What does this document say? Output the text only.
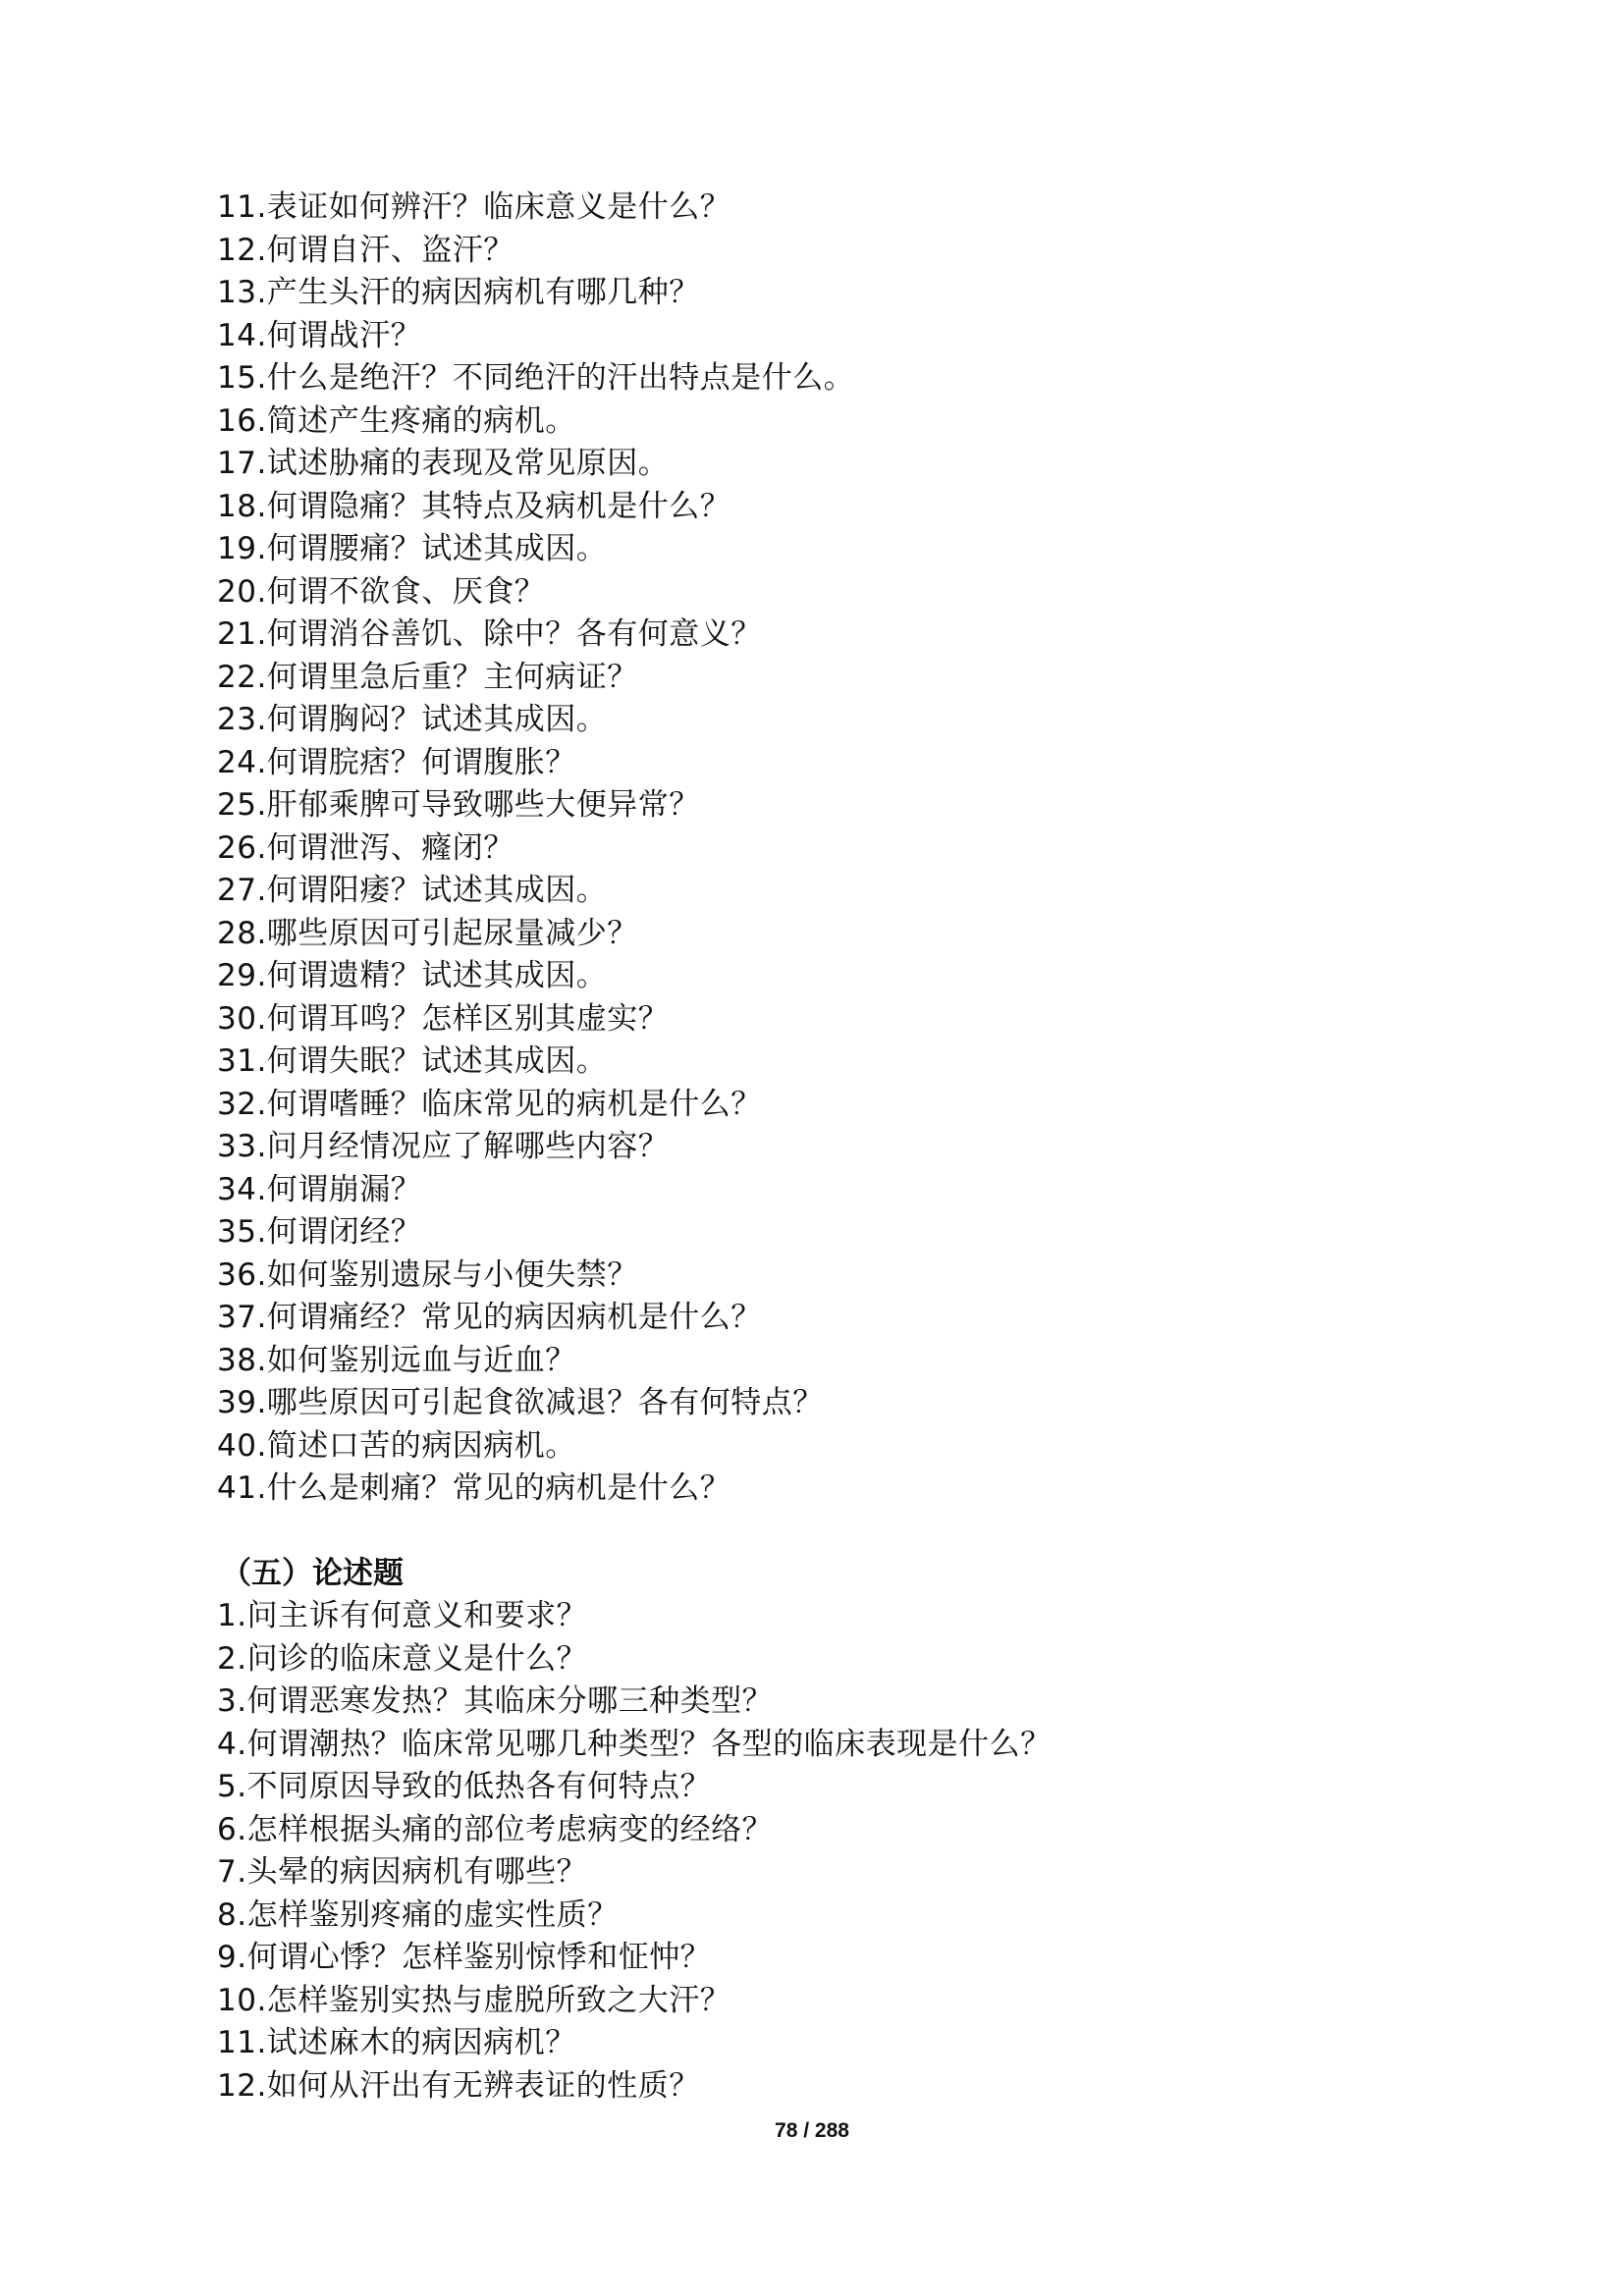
11.表证如何辨汗？临床意义是什么？
12.何谓自汗、盗汗？
13.产生头汗的病因病机有哪几种？
14.何谓战汗？
15.什么是绝汗？不同绝汗的汗出特点是什么。
16.简述产生疼痛的病机。
17.试述胁痛的表现及常见原因。
18.何谓隐痛？其特点及病机是什么？
19.何谓腰痛？试述其成因。
20.何谓不欲食、厌食？
21.何谓消谷善饥、除中？各有何意义？
22.何谓里急后重？主何病证？
23.何谓胸闷？试述其成因。
24.何谓脘痞？何谓腹胀？
25.肝郁乘脾可导致哪些大便异常？
26.何谓泄泻、癃闭？
27.何谓阳痿？试述其成因。
28.哪些原因可引起尿量减少？
29.何谓遗精？试述其成因。
30.何谓耳鸣？怎样区别其虚实？
31.何谓失眠？试述其成因。
32.何谓嗜睡？临床常见的病机是什么？
33.问月经情况应了解哪些内容？
34.何谓崩漏？
35.何谓闭经？
36.如何鉴别遗尿与小便失禁？
37.何谓痛经？常见的病因病机是什么？
38.如何鉴别远血与近血？
39.哪些原因可引起食欲减退？各有何特点？
40.简述口苦的病因病机。
41.什么是刺痛？常见的病机是什么？
（五）论述题
1.问主诉有何意义和要求？
2.问诊的临床意义是什么？
3.何谓恶寒发热？其临床分哪三种类型？
4.何谓潮热？临床常见哪几种类型？各型的临床表现是什么？
5.不同原因导致的低热各有何特点？
6.怎样根据头痛的部位考虑病变的经络？
7.头晕的病因病机有哪些？
8.怎样鉴别疼痛的虚实性质？
9.何谓心悸？怎样鉴别惊悸和怔忡？
10.怎样鉴别实热与虚脱所致之大汗？
11.试述麻木的病因病机？
12.如何从汗出有无辨表证的性质？
78 / 288
